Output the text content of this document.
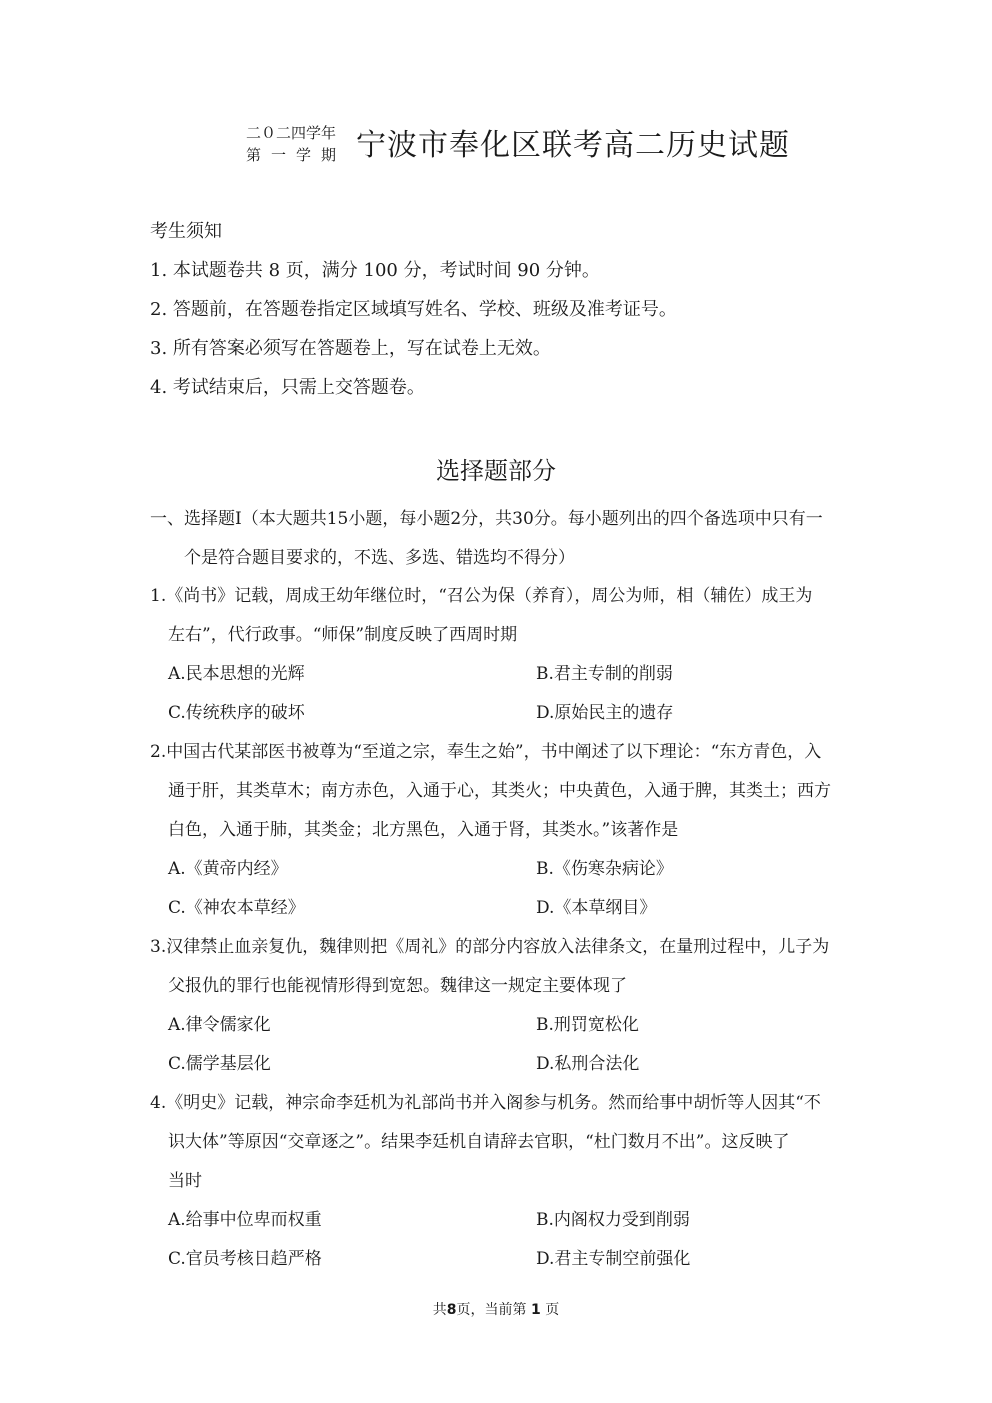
二０二四学年
第一学期 宁波市奉化区联考高二历史试题
考生须知
1. 本试题卷共 8 页，满分 100 分，考试时间 90 分钟。
2. 答题前，在答题卷指定区域填写姓名、学校、班级及准考证号。
3. 所有答案必须写在答题卷上，写在试卷上无效。
4. 考试结束后，只需上交答题卷。
选择题部分
一、选择题Ⅰ（本大题共15小题，每小题2分，共30分。每小题列出的四个备选项中只有一
个是符合题目要求的，不选、多选、错选均不得分）
1.《尚书》记载，周成王幼年继位时，“召公为保（养育），周公为师，相（辅佐）成王为
左右”，代行政事。“师保”制度反映了西周时期
A.民本思想的光辉	B.君主专制的削弱
C.传统秩序的破坏	D.原始民主的遗存
2.中国古代某部医书被尊为“至道之宗，奉生之始”，书中阐述了以下理论：“东方青色，入
通于肝，其类草木；南方赤色，入通于心，其类火；中央黄色，入通于脾，其类土；西方
白色，入通于肺，其类金；北方黑色，入通于肾，其类水。”该著作是
A.《黄帝内经》	B.《伤寒杂病论》
C.《神农本草经》	D.《本草纲目》
3.汉律禁止血亲复仇，魏律则把《周礼》的部分内容放入法律条文，在量刑过程中，儿子为
父报仇的罪行也能视情形得到宽恕。魏律这一规定主要体现了
A.律令儒家化	B.刑罚宽松化
C.儒学基层化	D.私刑合法化
4.《明史》记载，神宗命李廷机为礼部尚书并入阁参与机务。然而给事中胡忻等人因其“不
识大体”等原因“交章逐之”。结果李廷机自请辞去官职，“杜门数月不出”。这反映了
当时
A.给事中位卑而权重	B.内阁权力受到削弱
C.官员考核日趋严格	D.君主专制空前强化
共8页，当前第 1 页
